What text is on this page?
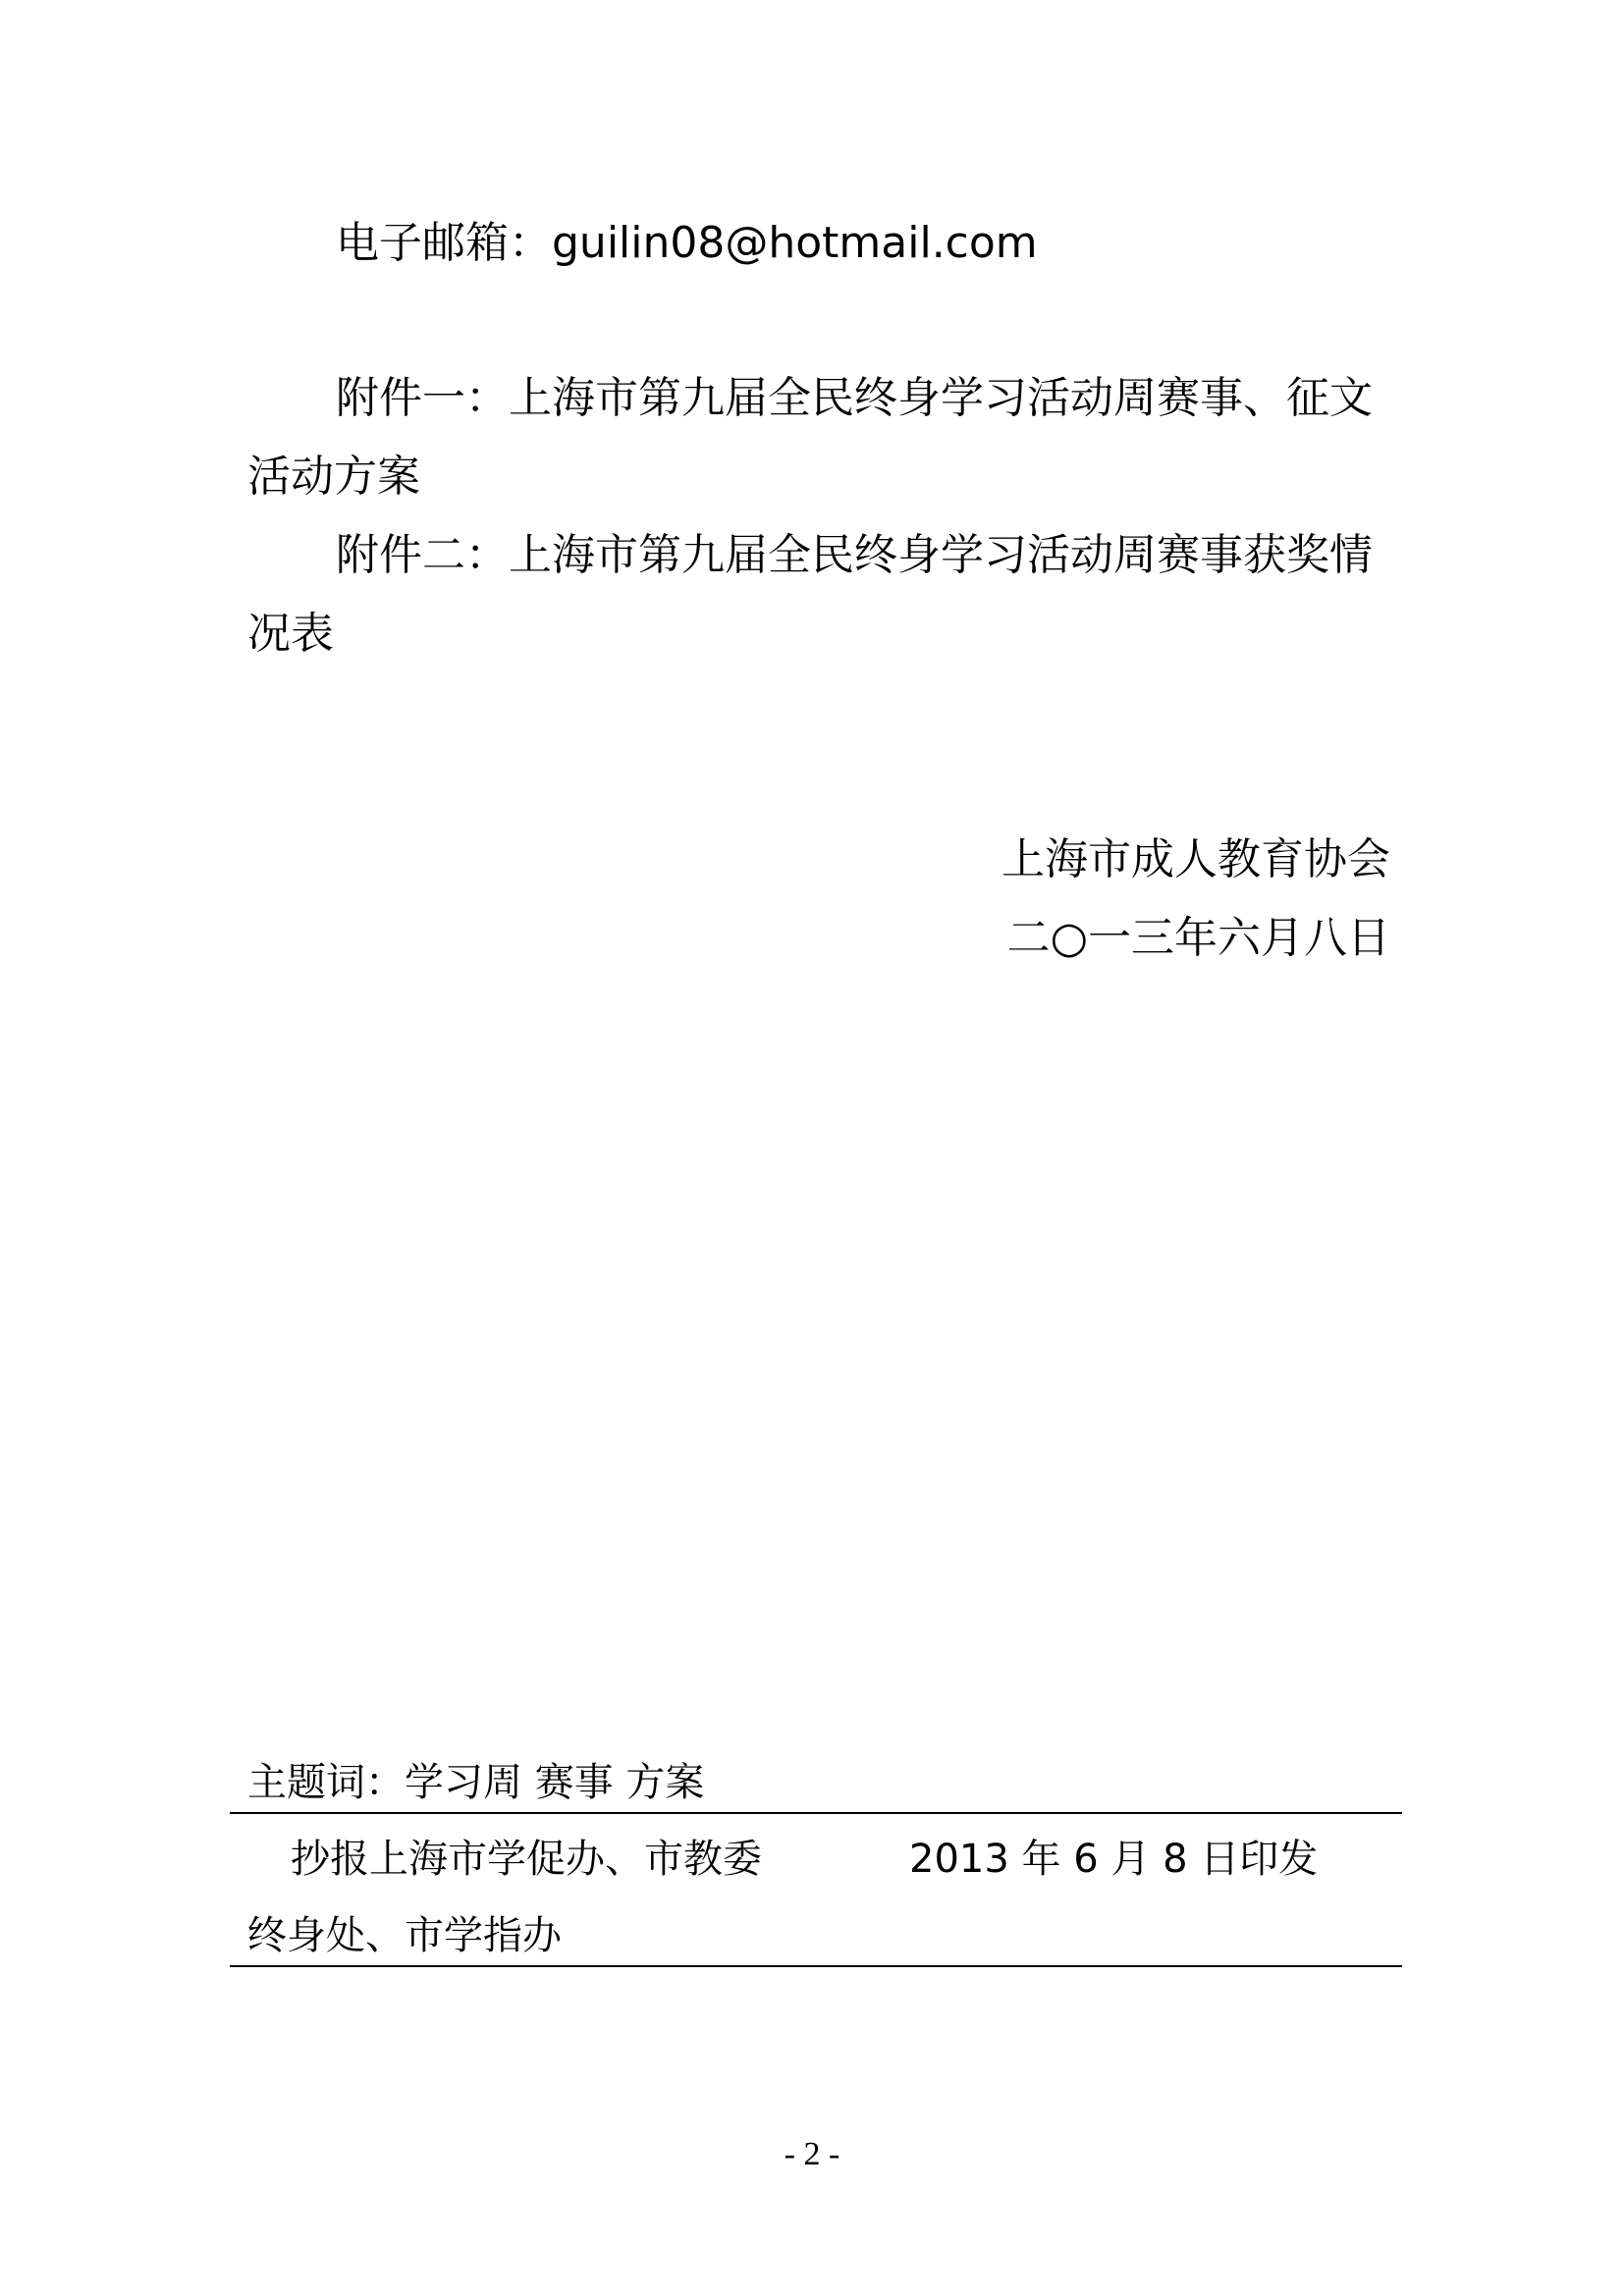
电子邮箱：guilin08@hotmail.com
附件一：上海市第九届全民终身学习活动周赛事、征文
活动方案
附件二：上海市第九届全民终身学习活动周赛事获奖情
况表
上海市成人教育协会
二○一三年六月八日
主题词：学习周 赛事 方案
抄报上海市学促办、市教委	2013 年 6 月 8 日印发
终身处、市学指办
- 2 -
